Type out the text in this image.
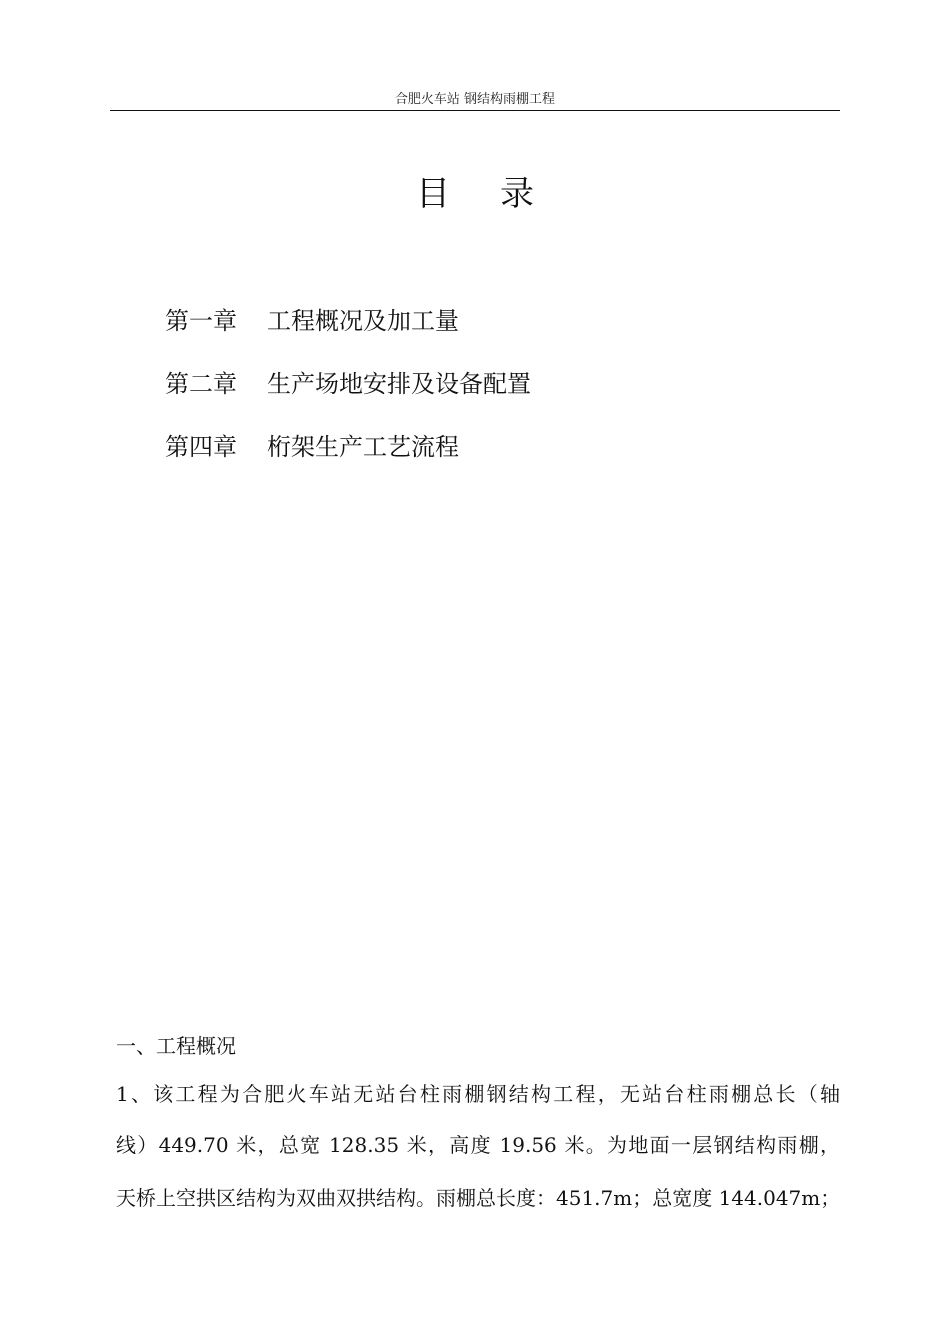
合肥火车站 钢结构雨棚工程
目 录
第一章 工程概况及加工量
第二章 生产场地安排及设备配置
第四章 桁架生产工艺流程
一、工程概况
1、该工程为合肥火车站无站台柱雨棚钢结构工程，无站台柱雨棚总长（轴
线）449.70 米，总宽 128.35 米，高度 19.56 米。为地面一层钢结构雨棚，
天桥上空拱区结构为双曲双拱结构。雨棚总长度：451.7m；总宽度 144.047m；
